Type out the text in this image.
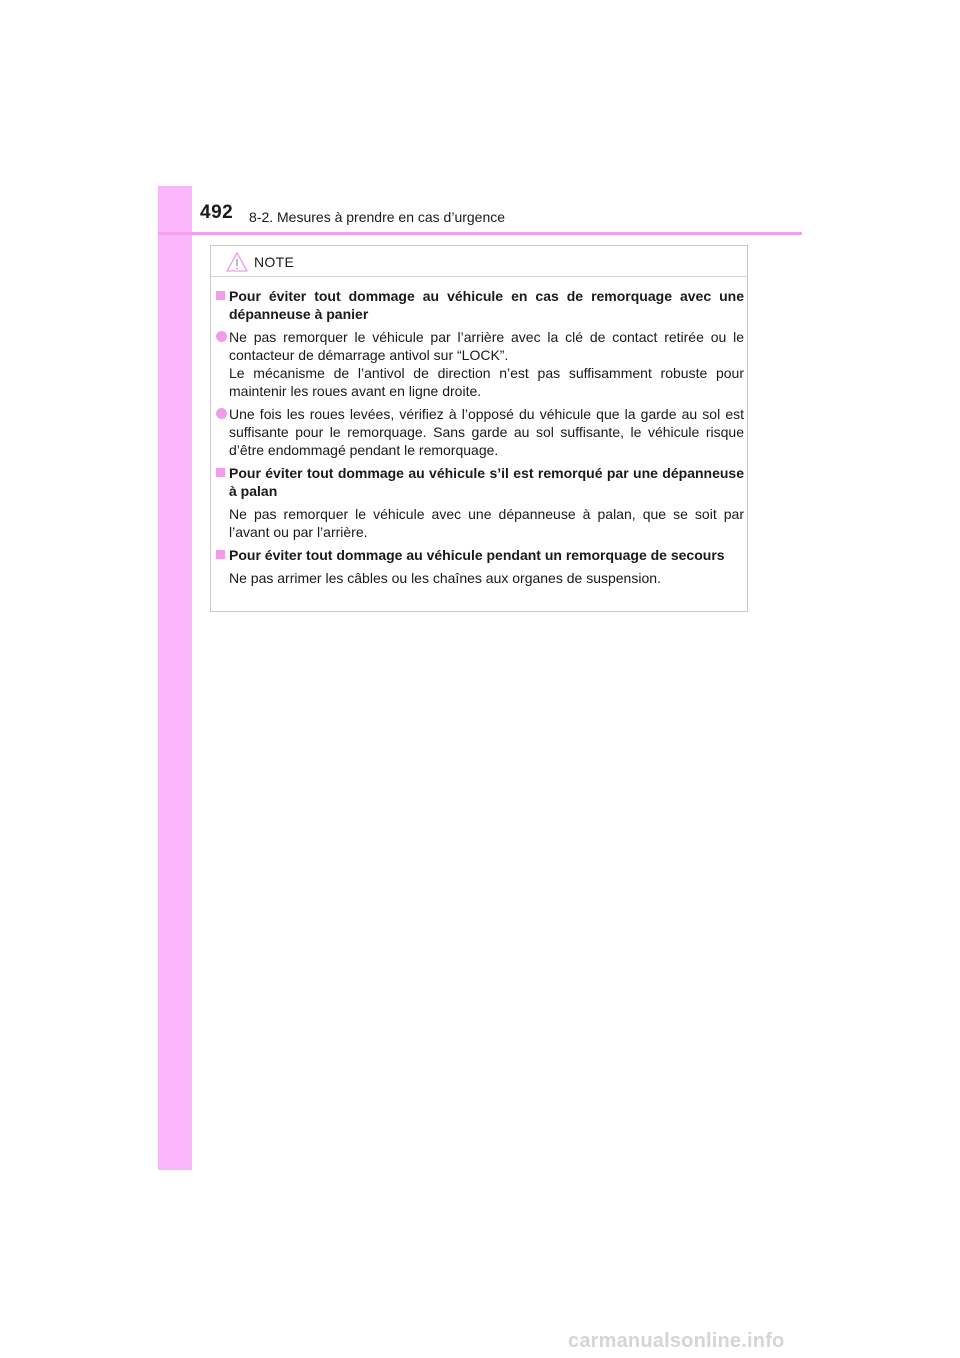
492 8-2. Mesures à prendre en cas d’urgence
NOTE
Pour éviter tout dommage au véhicule en cas de remorquage avec une dépanneuse à panier
Ne pas remorquer le véhicule par l’arrière avec la clé de contact retirée ou le contacteur de démarrage antivol sur “LOCK”.
Le mécanisme de l’antivol de direction n’est pas suffisamment robuste pour maintenir les roues avant en ligne droite.
Une fois les roues levées, vérifiez à l’opposé du véhicule que la garde au sol est suffisante pour le remorquage. Sans garde au sol suffisante, le véhicule risque d’être endommagé pendant le remorquage.
Pour éviter tout dommage au véhicule s’il est remorqué par une dépanneuse à palan
Ne pas remorquer le véhicule avec une dépanneuse à palan, que se soit par l’avant ou par l’arrière.
Pour éviter tout dommage au véhicule pendant un remorquage de secours
Ne pas arrimer les câbles ou les chaînes aux organes de suspension.
carmanualsonline.info
